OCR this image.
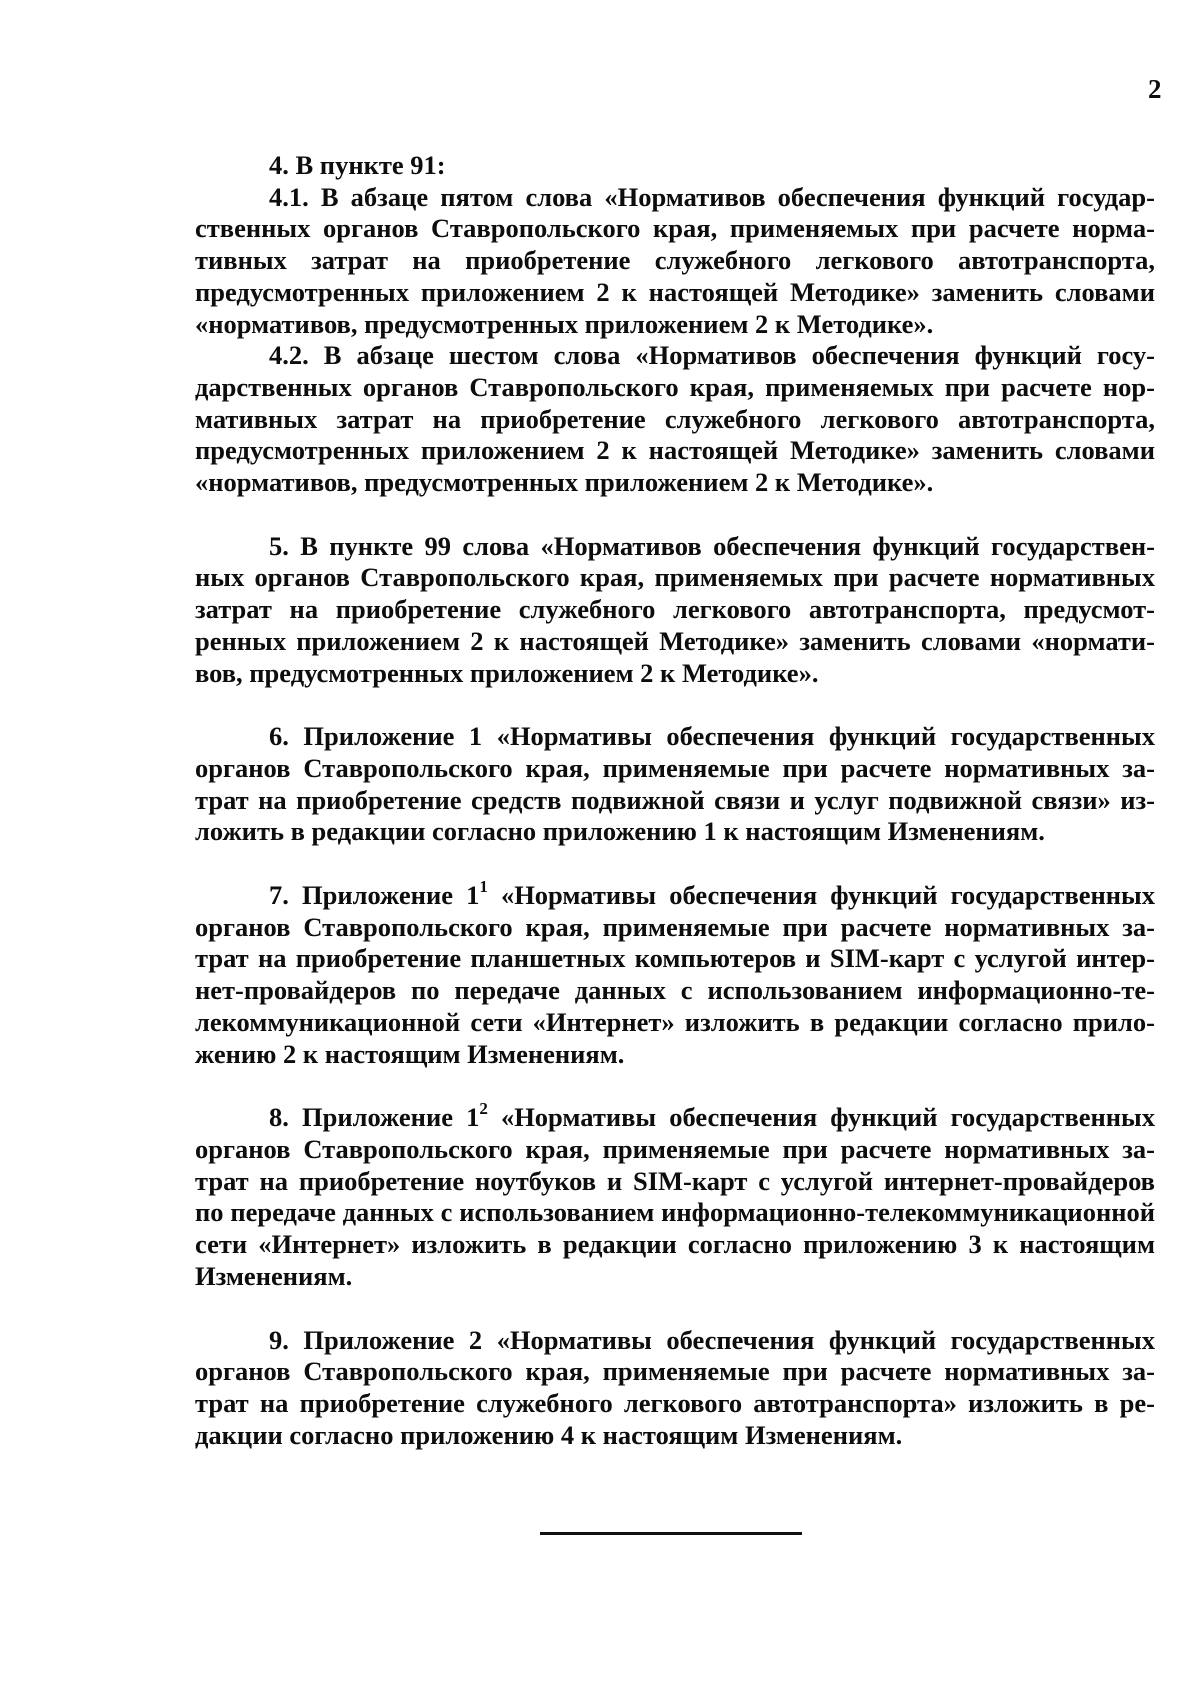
2

4. В пункте 91:

4.1. В абзаце пятом слова «Нормативов обеспечения функций государственных органов Ставропольского края, применяемых при расчете нормативных затрат на приобретение служебного легкового автотранспорта, предусмотренных приложением 2 к настоящей Методике» заменить словами «нормативов, предусмотренных приложением 2 к Методике».

4.2. В абзаце шестом слова «Нормативов обеспечения функций государственных органов Ставропольского края, применяемых при расчете нормативных затрат на приобретение служебного легкового автотранспорта, предусмотренных приложением 2 к настоящей Методике» заменить словами «нормативов, предусмотренных приложением 2 к Методике».

5. В пункте 99 слова «Нормативов обеспечения функций государственных органов Ставропольского края, применяемых при расчете нормативных затрат на приобретение служебного легкового автотранспорта, предусмотренных приложением 2 к настоящей Методике» заменить словами «нормативов, предусмотренных приложением 2 к Методике».

6. Приложение 1 «Нормативы обеспечения функций государственных органов Ставропольского края, применяемые при расчете нормативных затрат на приобретение средств подвижной связи и услуг подвижной связи» изложить в редакции согласно приложению 1 к настоящим Изменениям.

7. Приложение $1^1$ «Нормативы обеспечения функций государственных органов Ставропольского края, применяемые при расчете нормативных затрат на приобретение планшетных компьютеров и SIM-карт с услугой интернет-провайдеров по передаче данных с использованием информационно-телекоммуникационной сети «Интернет» изложить в редакции согласно приложению 2 к настоящим Изменениям.

8. Приложение $1^2$ «Нормативы обеспечения функций государственных органов Ставропольского края, применяемые при расчете нормативных затрат на приобретение ноутбуков и SIM-карт с услугой интернет-провайдеров по передаче данных с использованием информационно-телекоммуникационной сети «Интернет» изложить в редакции согласно приложению 3 к настоящим Изменениям.

9. Приложение 2 «Нормативы обеспечения функций государственных органов Ставропольского края, применяемые при расчете нормативных затрат на приобретение служебного легкового автотранспорта» изложить в редакции согласно приложению 4 к настоящим Изменениям.
